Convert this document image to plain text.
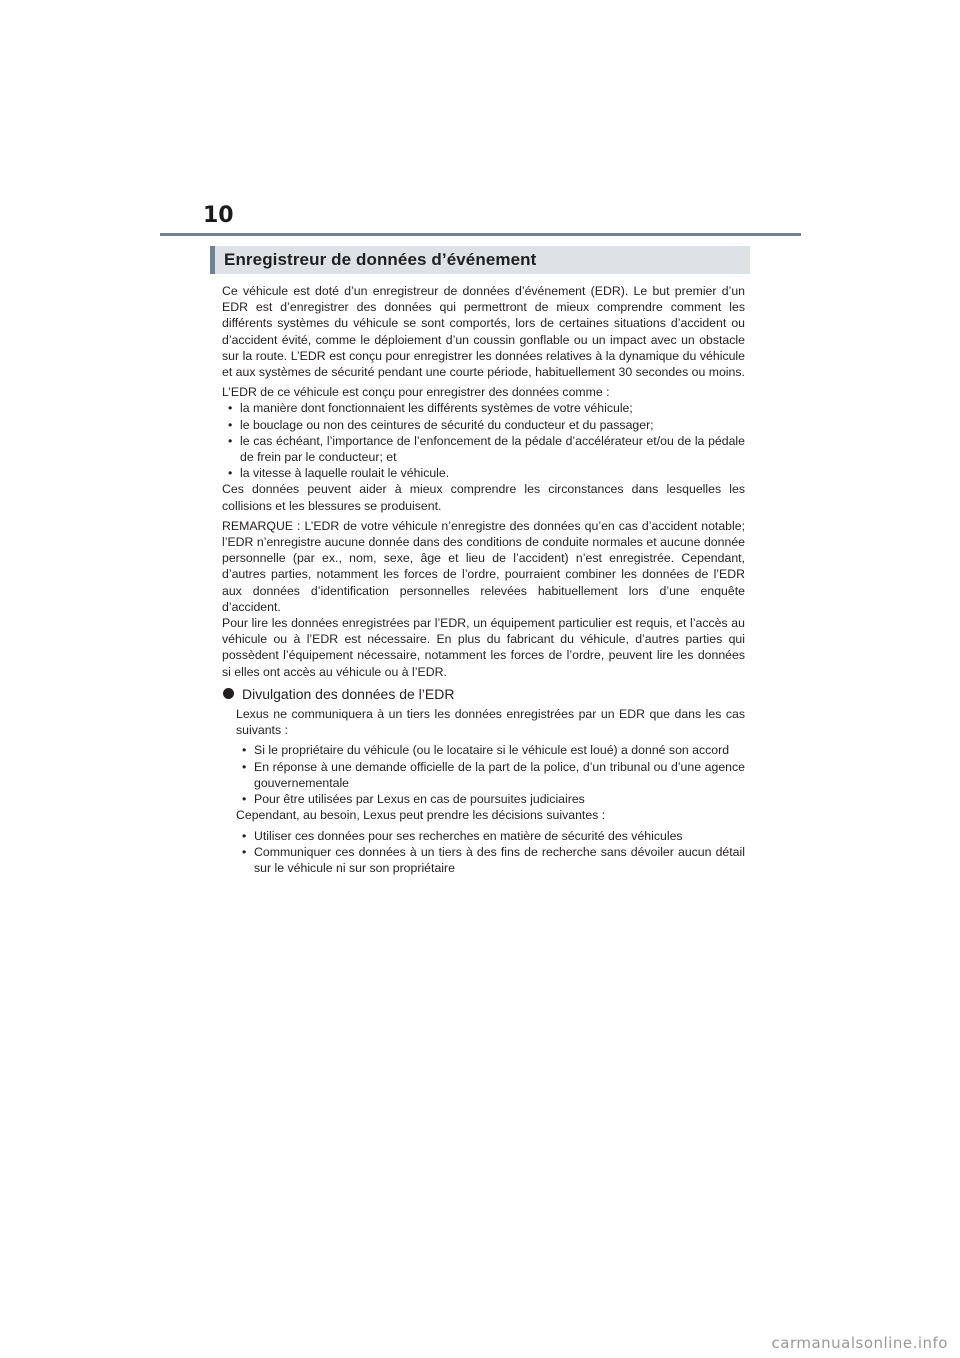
10
Enregistreur de données d’événement

Ce véhicule est doté d’un enregistreur de données d’événement (EDR). Le but premier d’un EDR est d’enregistrer des données qui permettront de mieux comprendre comment les différents systèmes du véhicule se sont comportés, lors de certaines situations d’accident ou d’accident évité, comme le déploiement d’un coussin gonflable ou un impact avec un obstacle sur la route. L’EDR est conçu pour enregistrer les données relatives à la dynamique du véhicule et aux systèmes de sécurité pendant une courte période, habituellement 30 secondes ou moins.

L’EDR de ce véhicule est conçu pour enregistrer des données comme :

• la manière dont fonctionnaient les différents systèmes de votre véhicule;
• le bouclage ou non des ceintures de sécurité du conducteur et du passager;
• le cas échéant, l’importance de l’enfoncement de la pédale d’accélérateur et/ou de la pédale de frein par le conducteur; et
• la vitesse à laquelle roulait le véhicule.

Ces données peuvent aider à mieux comprendre les circonstances dans lesquelles les collisions et les blessures se produisent.

REMARQUE : L’EDR de votre véhicule n’enregistre des données qu’en cas d’accident notable; l’EDR n’enregistre aucune donnée dans des conditions de conduite normales et aucune donnée personnelle (par ex., nom, sexe, âge et lieu de l’accident) n’est enregistrée. Cependant, d’autres parties, notamment les forces de l’ordre, pourraient combiner les données de l’EDR aux données d’identification personnelles relevées habituellement lors d’une enquête d’accident.

Pour lire les données enregistrées par l’EDR, un équipement particulier est requis, et l’accès au véhicule ou à l’EDR est nécessaire. En plus du fabricant du véhicule, d’autres parties qui possèdent l’équipement nécessaire, notamment les forces de l’ordre, peuvent lire les données si elles ont accès au véhicule ou à l’EDR.

Divulgation des données de l’EDR

Lexus ne communiquera à un tiers les données enregistrées par un EDR que dans les cas suivants :

• Si le propriétaire du véhicule (ou le locataire si le véhicule est loué) a donné son accord
• En réponse à une demande officielle de la part de la police, d’un tribunal ou d’une agence gouvernementale
• Pour être utilisées par Lexus en cas de poursuites judiciaires

Cependant, au besoin, Lexus peut prendre les décisions suivantes :

• Utiliser ces données pour ses recherches en matière de sécurité des véhicules
• Communiquer ces données à un tiers à des fins de recherche sans dévoiler aucun détail sur le véhicule ni sur son propriétaire
carmanualsonline.info
